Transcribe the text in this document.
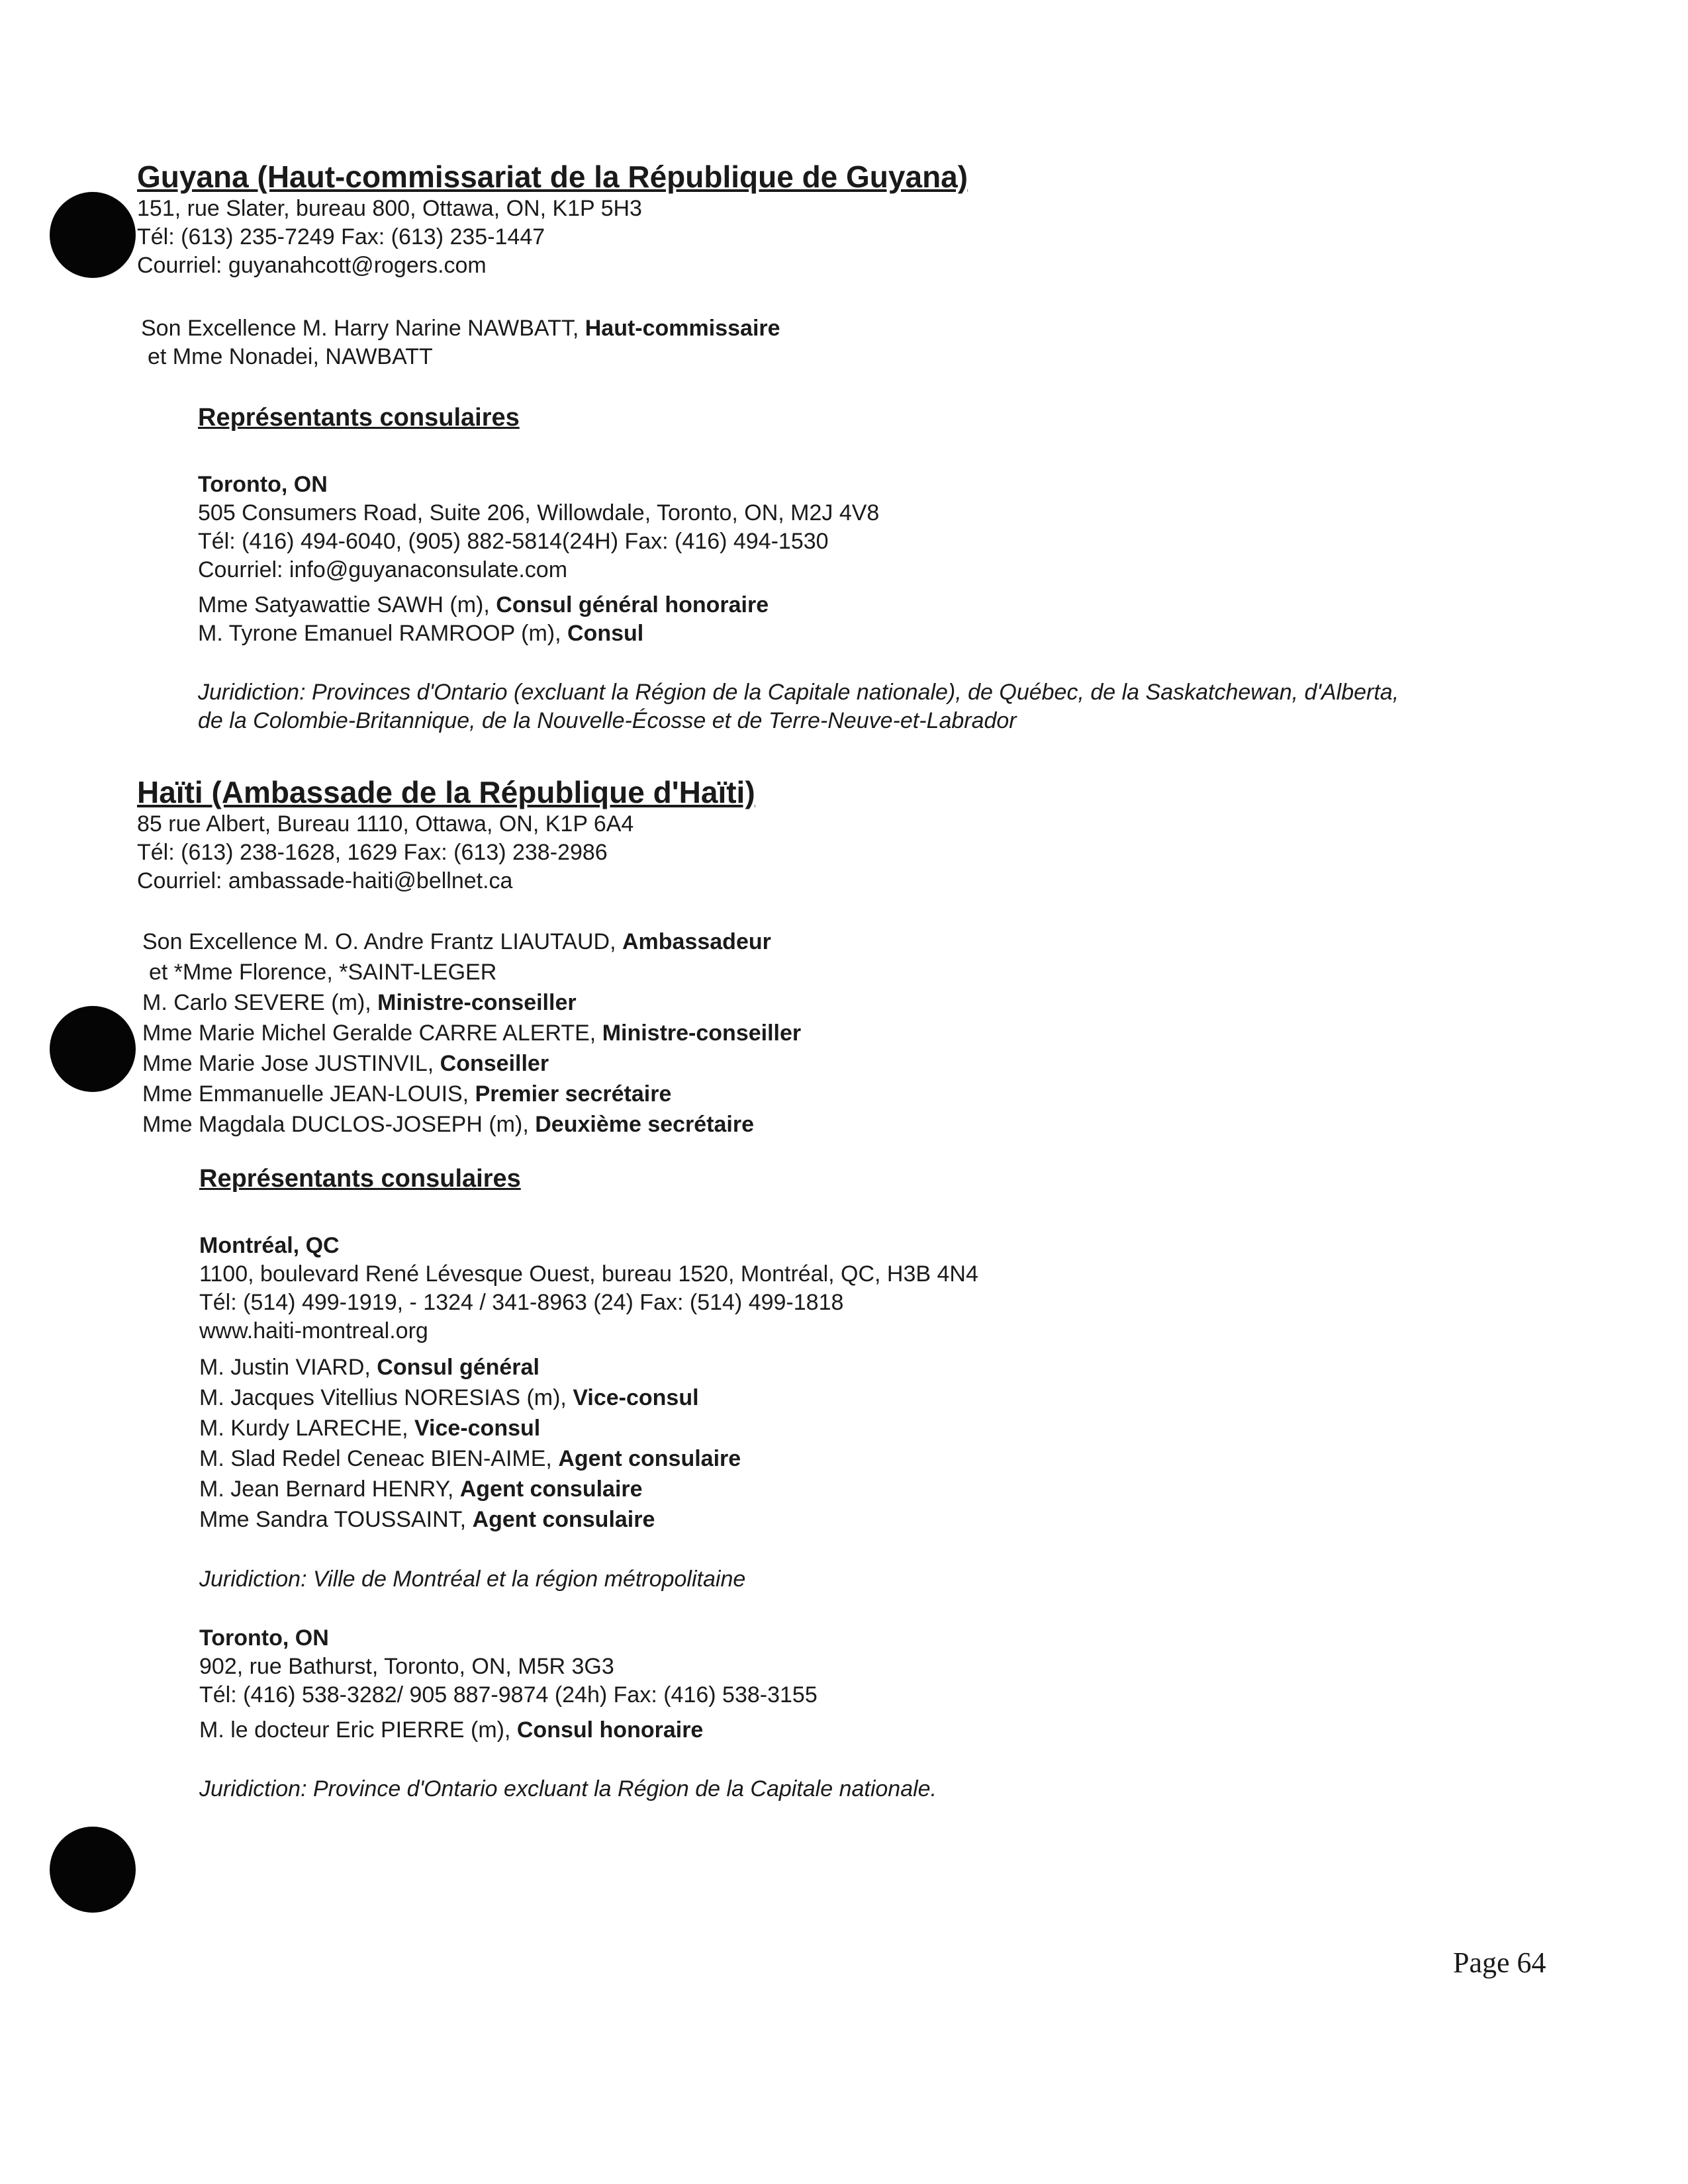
Guyana (Haut-commissariat de la République de Guyana)
151, rue Slater, bureau 800, Ottawa, ON, K1P 5H3
Tél: (613) 235-7249 Fax: (613) 235-1447
Courriel: guyanahcott@rogers.com
Son Excellence M. Harry Narine NAWBATT, Haut-commissaire
et Mme Nonadei, NAWBATT
Représentants consulaires
Toronto, ON
505 Consumers Road, Suite 206, Willowdale, Toronto, ON, M2J 4V8
Tél: (416) 494-6040, (905) 882-5814(24H) Fax: (416) 494-1530
Courriel: info@guyanaconsulate.com
Mme Satyawattie SAWH (m), Consul général honoraire
M. Tyrone Emanuel RAMROOP (m), Consul
Juridiction: Provinces d'Ontario (excluant la Région de la Capitale nationale), de Québec, de la Saskatchewan, d'Alberta,
de la Colombie-Britannique, de la Nouvelle-Écosse et de Terre-Neuve-et-Labrador
Haïti (Ambassade de la République d'Haïti)
85 rue Albert, Bureau 1110, Ottawa, ON, K1P 6A4
Tél: (613) 238-1628, 1629 Fax: (613) 238-2986
Courriel: ambassade-haiti@bellnet.ca
Son Excellence M. O. Andre Frantz LIAUTAUD, Ambassadeur
et *Mme Florence, *SAINT-LEGER
M. Carlo SEVERE (m), Ministre-conseiller
Mme Marie Michel Geralde CARRE ALERTE, Ministre-conseiller
Mme Marie Jose JUSTINVIL, Conseiller
Mme Emmanuelle JEAN-LOUIS, Premier secrétaire
Mme Magdala DUCLOS-JOSEPH (m), Deuxième secrétaire
Représentants consulaires
Montréal, QC
1100, boulevard René Lévesque Ouest, bureau 1520, Montréal, QC, H3B 4N4
Tél: (514) 499-1919, - 1324 / 341-8963 (24) Fax: (514) 499-1818
www.haiti-montreal.org
M. Justin VIARD, Consul général
M. Jacques Vitellius NORESIAS (m), Vice-consul
M. Kurdy LARECHE, Vice-consul
M. Slad Redel Ceneac BIEN-AIME, Agent consulaire
M. Jean Bernard HENRY, Agent consulaire
Mme Sandra TOUSSAINT, Agent consulaire
Juridiction: Ville de Montréal et la région métropolitaine
Toronto, ON
902, rue Bathurst, Toronto, ON, M5R 3G3
Tél: (416) 538-3282/ 905 887-9874 (24h) Fax: (416) 538-3155
M. le docteur Eric PIERRE (m), Consul honoraire
Juridiction: Province d'Ontario excluant la Région de la Capitale nationale.
Page 64
